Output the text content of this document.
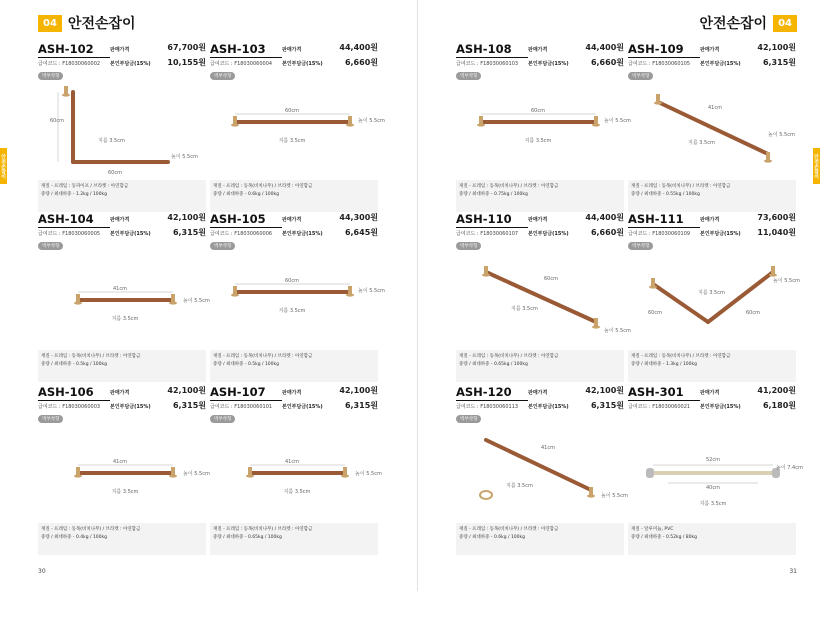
안전손잡이
04 안전손잡이
ASH-102	판매가격	67,700원
급여코드 : F18030060002 본인부담금(15%) 10,155원
벽부착형
재질 - 프레임 : 동파이프 / 브라켓 : 아연합금
중량 / 최대하중 - 1.2kg / 100kg
60cm
60cm
지름 3.5cm
높이 5.5cm
ASH-103	판매가격	44,400원
급여코드 : F18030060004 본인부담금(15%)	6,660원
벽부착형
재질 - 프레임 : 동목(비치나무) / 브라켓 : 아연합금
중량 / 최대하중 - 0.6kg / 100kg
60cm
지름 3.5cm
높이 5.5cm
ASH-104	판매가격	42,100원
급여코드 : F18030060005 본인부담금(15%)	6,315원
벽부착형
재질 - 프레임 : 동목(비치나무) / 브라켓 : 아연합금
중량 / 최대하중 - 0.5kg / 100kg
41cm
지름 3.5cm
높이 5.5cm
ASH-105	판매가격	44,300원
급여코드 : F18030060006 본인부담금(15%)	6,645원
벽부착형
재질 - 프레임 : 동목(비치나무) / 브라켓 : 아연합금
중량 / 최대하중 - 0.5kg / 100kg
60cm
지름 3.5cm
높이 5.5cm
ASH-106	판매가격	42,100원
급여코드 : F18030060003 본인부담금(15%)	6,315원
벽부착형
재질 - 프레임 : 동목(비치나무) / 브라켓 : 아연합금
중량 / 최대하중 - 0.4kg / 100kg
41cm
지름 3.5cm
높이 5.5cm
ASH-107	판매가격	42,100원
급여코드 : F18030060101 본인부담금(15%)	6,315원
벽부착형
재질 - 프레임 : 동목(비치나무) / 브라켓 : 아연합금
중량 / 최대하중 - 0.65kg / 100kg
41cm
지름 3.5cm
높이 5.5cm
30
안전손잡이
안전손잡이	04
ASH-108	판매가격	44,400원
급여코드 : F18030060103 본인부담금(15%)	6,660원
벽부착형
재질 - 프레임 : 동목(비치나무) / 브라켓 : 아연합금
중량 / 최대하중 - 0.75kg / 100kg
60cm
지름 3.5cm
높이 5.5cm
ASH-109	판매가격	42,100원
급여코드 : F18030060105 본인부담금(15%)	6,315원
벽부착형
재질 - 프레임 : 동목(비치나무) / 브라켓 : 아연합금
중량 / 최대하중 - 0.55kg / 100kg
41cm
지름 3.5cm
높이 5.5cm
ASH-110	판매가격	44,400원
급여코드 : F18030060107 본인부담금(15%)	6,660원
벽부착형
재질 - 프레임 : 동목(비치나무) / 브라켓 : 아연합금
중량 / 최대하중 - 0.65kg / 100kg
60cm
지름 3.5cm
높이 5.5cm
ASH-111	판매가격	73,600원
급여코드 : F18030060109 본인부담금(15%) 11,040원
벽부착형
재질 - 프레임 : 동목(비치나무) / 브라켓 : 아연합금
중량 / 최대하중 - 1.3kg / 100kg
지름 3.5cm
60cm	60cm
높이 5.5cm
ASH-120	판매가격	42,100원
급여코드 : F18030060113 본인부담금(15%)	6,315원
벽부착형
재질 - 프레임 : 동목(비치나무) / 브라켓 : 아연합금
중량 / 최대하중 - 0.6kg / 100kg
41cm
지름 3.5cm
높이 5.5cm
ASH-301	판매가격	41,200원
급여코드 : F18030060021 본인부담금(15%)	6,180원
재질 - 알루미늄, PVC
중량 / 최대하중 - 0.52kg / 80kg
52cm
40cm
지름 3.5cm
높이 7.4cm
31
